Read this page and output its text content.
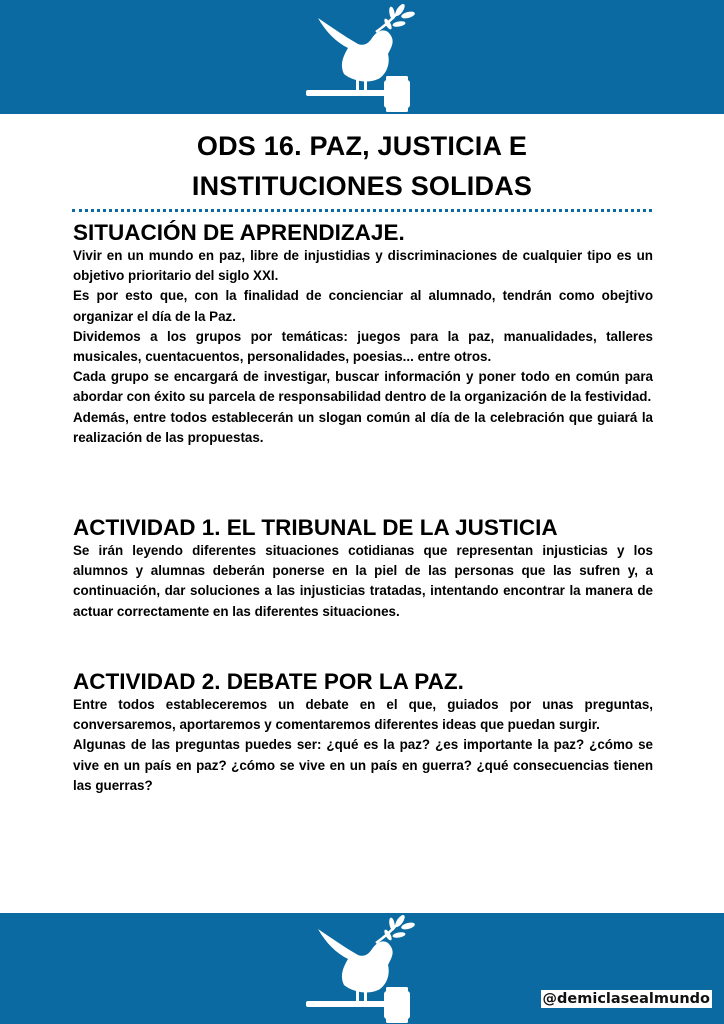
ODS 16. PAZ, JUSTICIA E
INSTITUCIONES SOLIDAS
SITUACIÓN DE APRENDIZAJE.

Vivir en un mundo en paz, libre de injustidias y discriminaciones de cualquier tipo es un objetivo prioritario del siglo XXI.

Es por esto que, con la finalidad de concienciar al alumnado, tendrán como obejtivo organizar el día de la Paz.

Dividemos a los grupos por temáticas: juegos para la paz, manualidades, talleres musicales, cuentacuentos, personalidades, poesias... entre otros.

Cada grupo se encargará de investigar, buscar información y poner todo en común para abordar con éxito su parcela de responsabilidad dentro de la organización de la festividad.

Además, entre todos establecerán un slogan común al día de la celebración que guiará la realización de las propuestas.

ACTIVIDAD 1. EL TRIBUNAL DE LA JUSTICIA

Se irán leyendo diferentes situaciones cotidianas que representan injusticias y los alumnos y alumnas deberán ponerse en la piel de las personas que las sufren y, a continuación, dar soluciones a las injusticias tratadas, intentando encontrar la manera de actuar correctamente en las diferentes situaciones.

ACTIVIDAD 2. DEBATE POR LA PAZ.

Entre todos estableceremos un debate en el que, guiados por unas preguntas, conversaremos, aportaremos y comentaremos diferentes ideas que puedan surgir.

Algunas de las preguntas puedes ser: ¿qué es la paz? ¿es importante la paz? ¿cómo se vive en un país en paz? ¿cómo se vive en un país en guerra? ¿qué consecuencias tienen las guerras?

@demiclasealmundo
